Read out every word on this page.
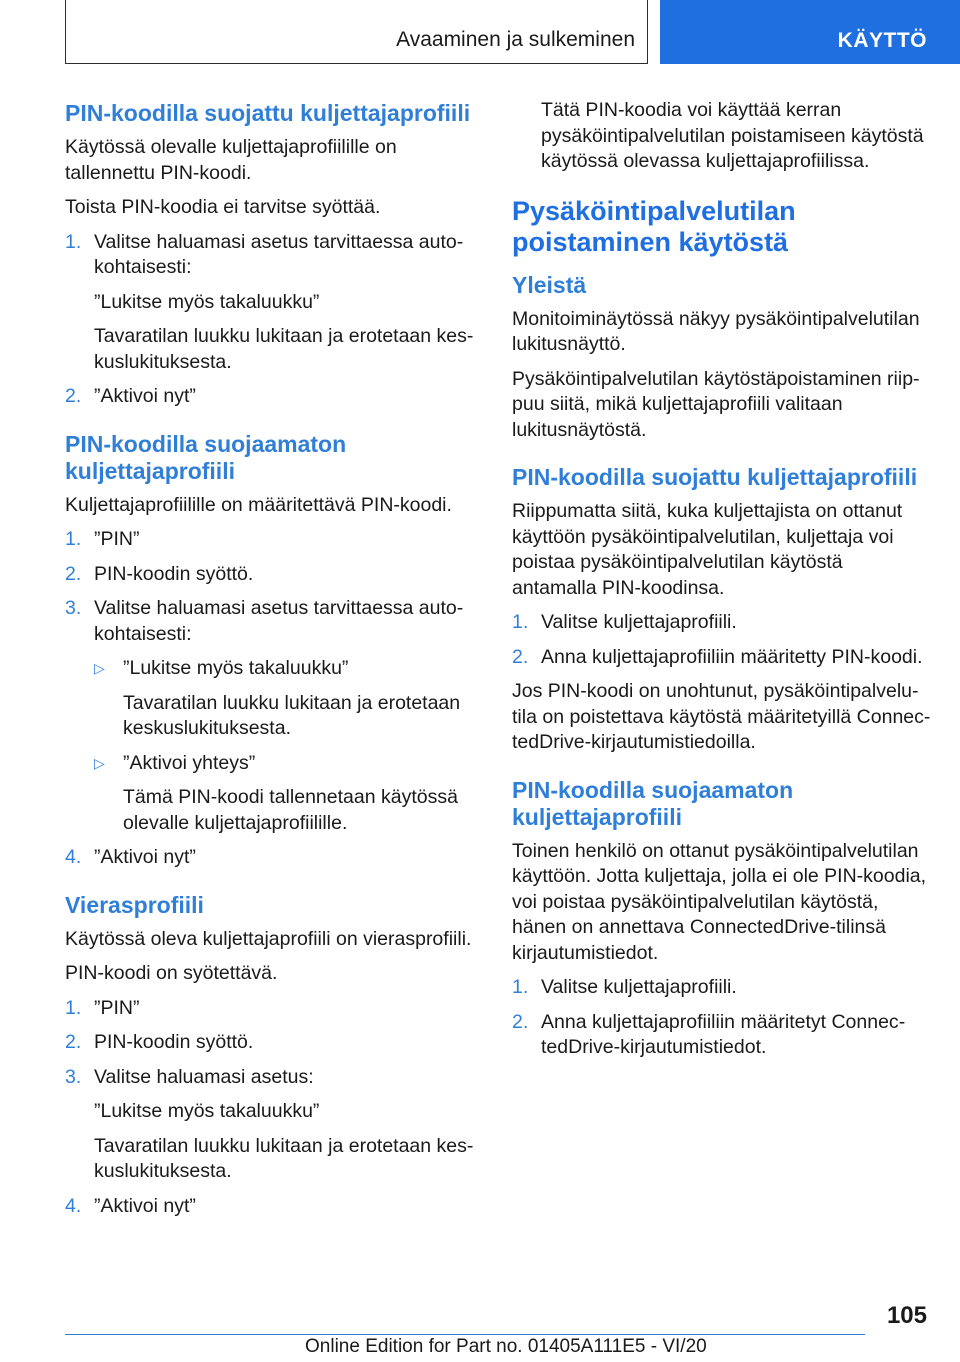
Avaaminen ja sulkeminen	KÄYTTÖ
PIN-koodilla suojattu kuljettajaprofiili

Käytössä olevalle kuljettajaprofiilille on tallennettu PIN-koodi.

Toista PIN-koodia ei tarvitse syöttää.

1. Valitse haluamasi asetus tarvittaessa autokohtaisesti:
”Lukitse myös takaluukku”
Tavaratilan luukku lukitaan ja erotetaan keskuslukituksesta.
2. ”Aktivoi nyt”
PIN-koodilla suojaamaton kuljettajaprofiili

Kuljettajaprofiilille on määritettävä PIN-koodi.

1. ”PIN”
2. PIN-koodin syöttö.
3. Valitse haluamasi asetus tarvittaessa autokohtaisesti:
▷ ”Lukitse myös takaluukku”
Tavaratilan luukku lukitaan ja erotetaan keskuslukituksesta.
▷ ”Aktivoi yhteys”
Tämä PIN-koodi tallennetaan käytössä olevalle kuljettajaprofiilille.
4. ”Aktivoi nyt”
Vierasprofiili

Käytössä oleva kuljettajaprofiili on vierasprofiili.

PIN-koodi on syötettävä.

1. ”PIN”
2. PIN-koodin syöttö.
3. Valitse haluamasi asetus:
”Lukitse myös takaluukku”
Tavaratilan luukku lukitaan ja erotetaan keskuslukituksesta.
4. ”Aktivoi nyt”

Tätä PIN-koodia voi käyttää kerran pysäköintipalvelutilan poistamiseen käytöstä käytössä olevassa kuljettajaprofiilissa.

Pysäköintipalvelutilan poistaminen käytöstä
Yleistä

Monitoiminäytössä näkyy pysäköintipalvelutilan lukitusnäyttö.

Pysäköintipalvelutilan käytöstäpoistaminen riippuu siitä, mikä kuljettajaprofiili valitaan lukitusnäytöstä.

PIN-koodilla suojattu kuljettajaprofiili

Riippumatta siitä, kuka kuljettajista on ottanut käyttöön pysäköintipalvelutilan, kuljettaja voi poistaa pysäköintipalvelutilan käytöstä antamalla PIN-koodinsa.

1. Valitse kuljettajaprofiili.
2. Anna kuljettajaprofiiliin määritetty PIN-koodi.

Jos PIN-koodi on unohtunut, pysäköintipalvelutila on poistettava käytöstä määritetyillä ConnectedDrive-kirjautumistiedoilla.

PIN-koodilla suojaamaton kuljettajaprofiili

Toinen henkilö on ottanut pysäköintipalvelutilan käyttöön. Jotta kuljettaja, jolla ei ole PIN-koodia, voi poistaa pysäköintipalvelutilan käytöstä, hänen on annettava ConnectedDrive-tilinsä kirjautumistiedot.

1. Valitse kuljettajaprofiili.
2. Anna kuljettajaprofiiliin määritetyt ConnectedDrive-kirjautumistiedot.
105
Online Edition for Part no. 01405A111E5 - VI/20
